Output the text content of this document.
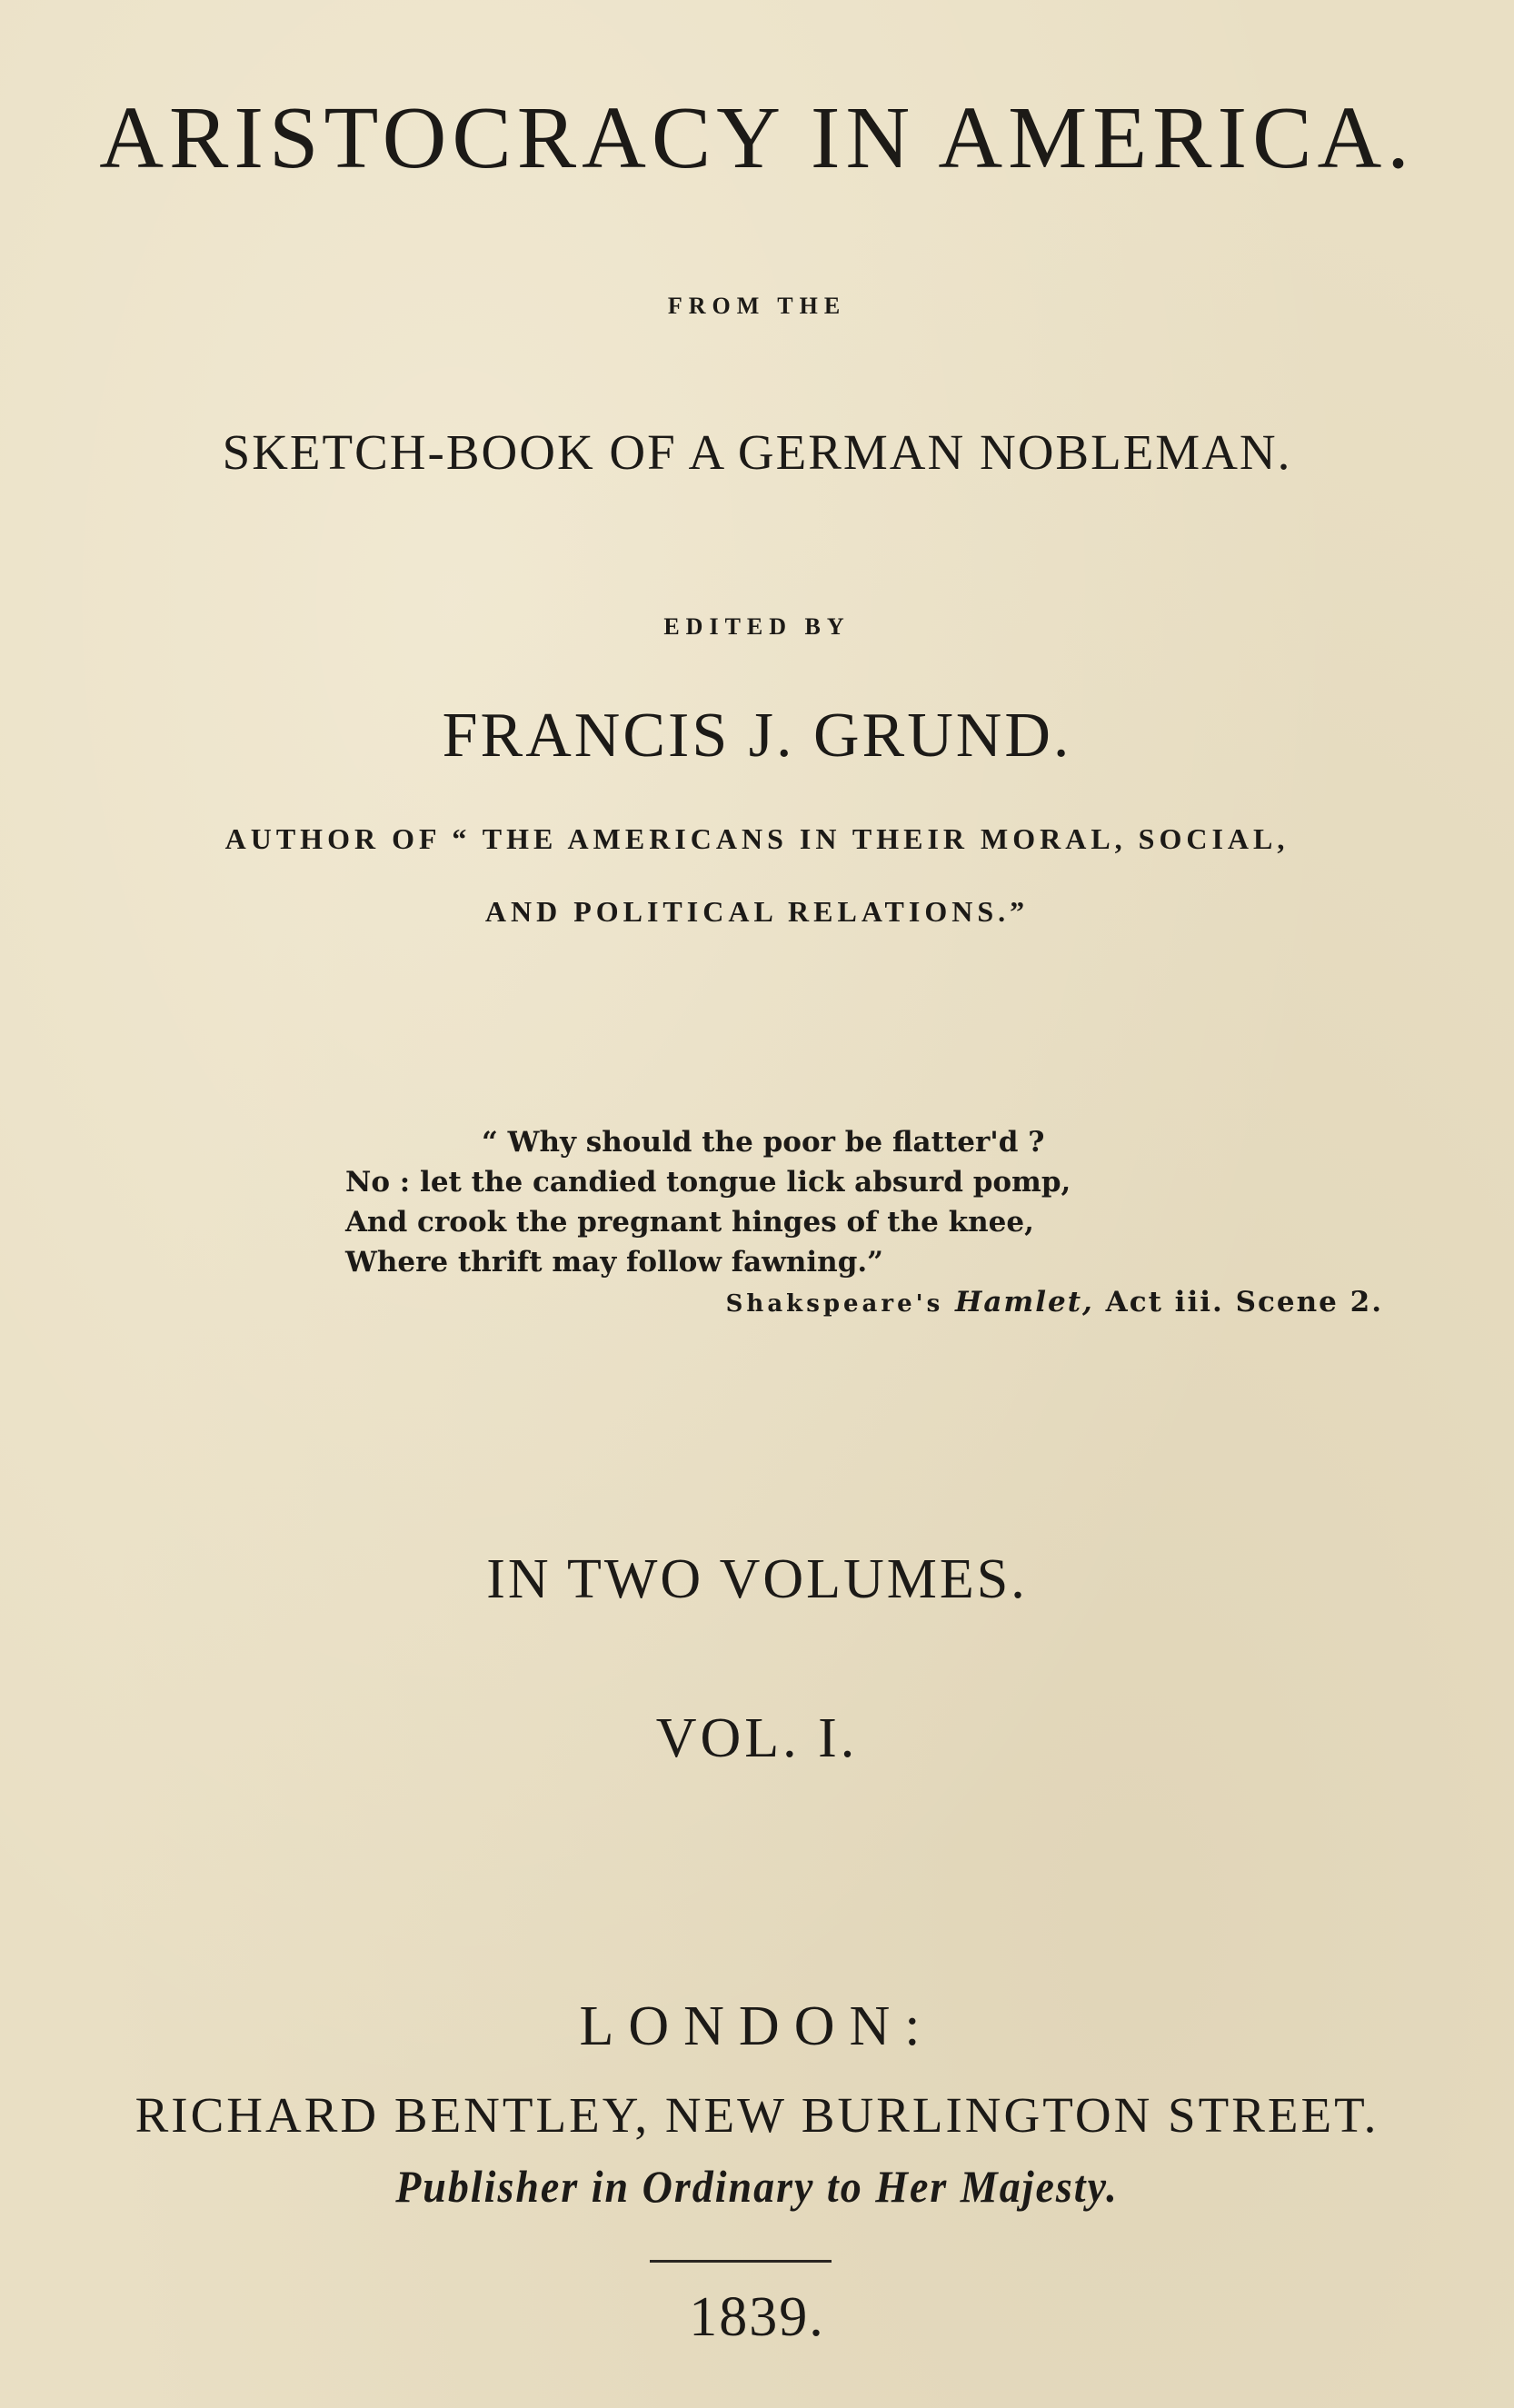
ARISTOCRACY IN AMERICA.
FROM THE
SKETCH-BOOK OF A GERMAN NOBLEMAN.
EDITED BY
FRANCIS J. GRUND.
AUTHOR OF “ THE AMERICANS IN THEIR MORAL, SOCIAL,
AND POLITICAL RELATIONS.”
“ Why should the poor be flatter'd ?
No : let the candied tongue lick absurd pomp,
And crook the pregnant hinges of the knee,
Where thrift may follow fawning.”
Shakspeare's Hamlet, Act iii. Scene 2.
IN TWO VOLUMES.
VOL. I.
LONDON:
RICHARD BENTLEY, NEW BURLINGTON STREET.
Publisher in Ordinary to Her Majesty.
1839.
